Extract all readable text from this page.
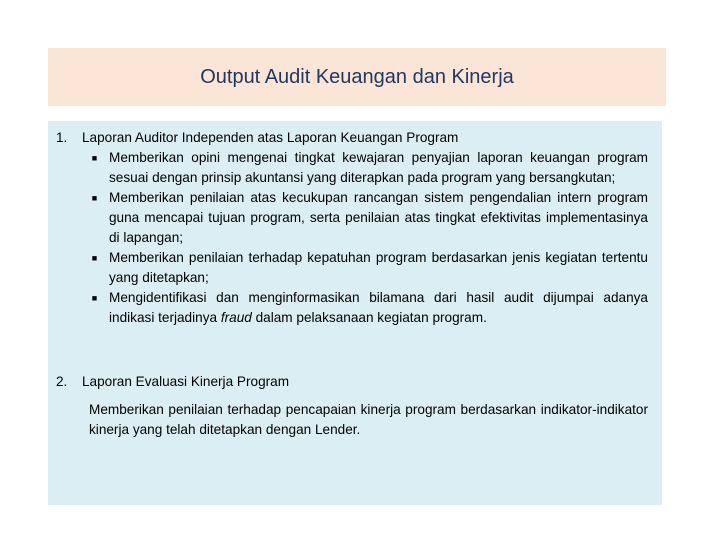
Output Audit Keuangan dan Kinerja
1.	Laporan Auditor Independen atas Laporan Keuangan Program
■ Memberikan opini mengenai tingkat kewajaran penyajian laporan keuangan program sesuai dengan prinsip akuntansi yang diterapkan pada program yang bersangkutan;
■ Memberikan penilaian atas kecukupan rancangan sistem pengendalian intern program guna mencapai tujuan program, serta penilaian atas tingkat efektivitas implementasinya di lapangan;
■ Memberikan penilaian terhadap kepatuhan program berdasarkan jenis kegiatan tertentu yang ditetapkan;
■ Mengidentifikasi dan menginformasikan bilamana dari hasil audit dijumpai adanya indikasi terjadinya fraud dalam pelaksanaan kegiatan program.
2.	Laporan Evaluasi Kinerja Program
Memberikan penilaian terhadap pencapaian kinerja program berdasarkan indikator-indikator kinerja yang telah ditetapkan dengan Lender.
